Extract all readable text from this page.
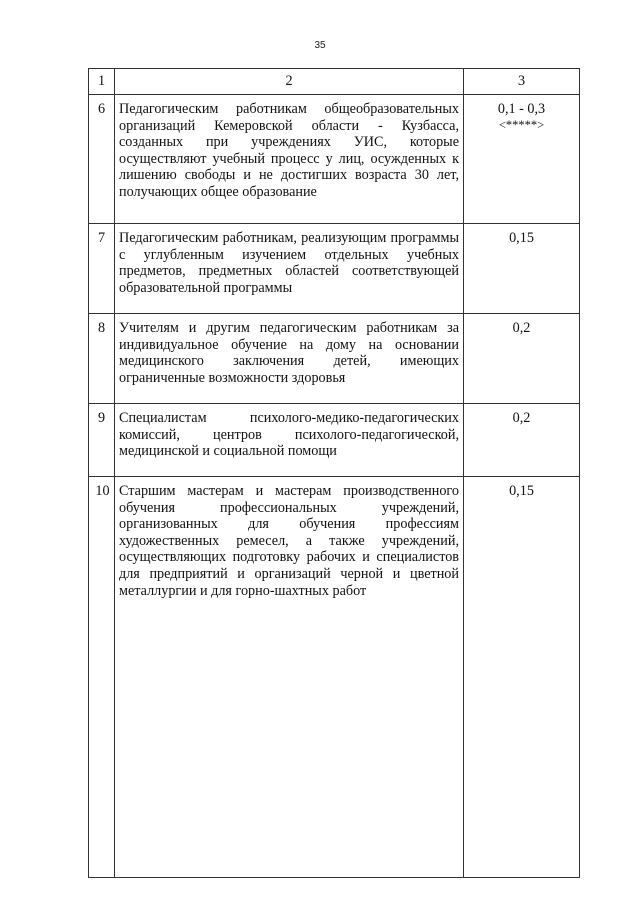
35
1	2	3
6	Педагогическим работникам общеобразовательных организаций Кемеровской области - Кузбасса, созданных при учреждениях УИС, которые осуществляют учебный процесс у лиц, осужденных к лишению свободы и не достигших возраста 30 лет, получающих общее образование	0,1 - 0,3
<*****>

7	Педагогическим работникам, реализующим программы с углубленным изучением отдельных учебных предметов, предметных областей соответствующей образовательной программы	0,15
8	Учителям и другим педагогическим работникам за индивидуальное обучение на дому на основании медицинского заключения детей, имеющих ограниченные возможности здоровья	0,2
9	Специалистам психолого-медико-педагогических комиссий, центров психолого-педагогической, медицинской и социальной помощи	0,2
10	Старшим мастерам и мастерам производственного обучения профессиональных учреждений, организованных для обучения профессиям художественных ремесел, а также учреждений, осуществляющих подготовку рабочих и специалистов для предприятий и организаций черной и цветной металлургии и для горно-шахтных работ	0,15
